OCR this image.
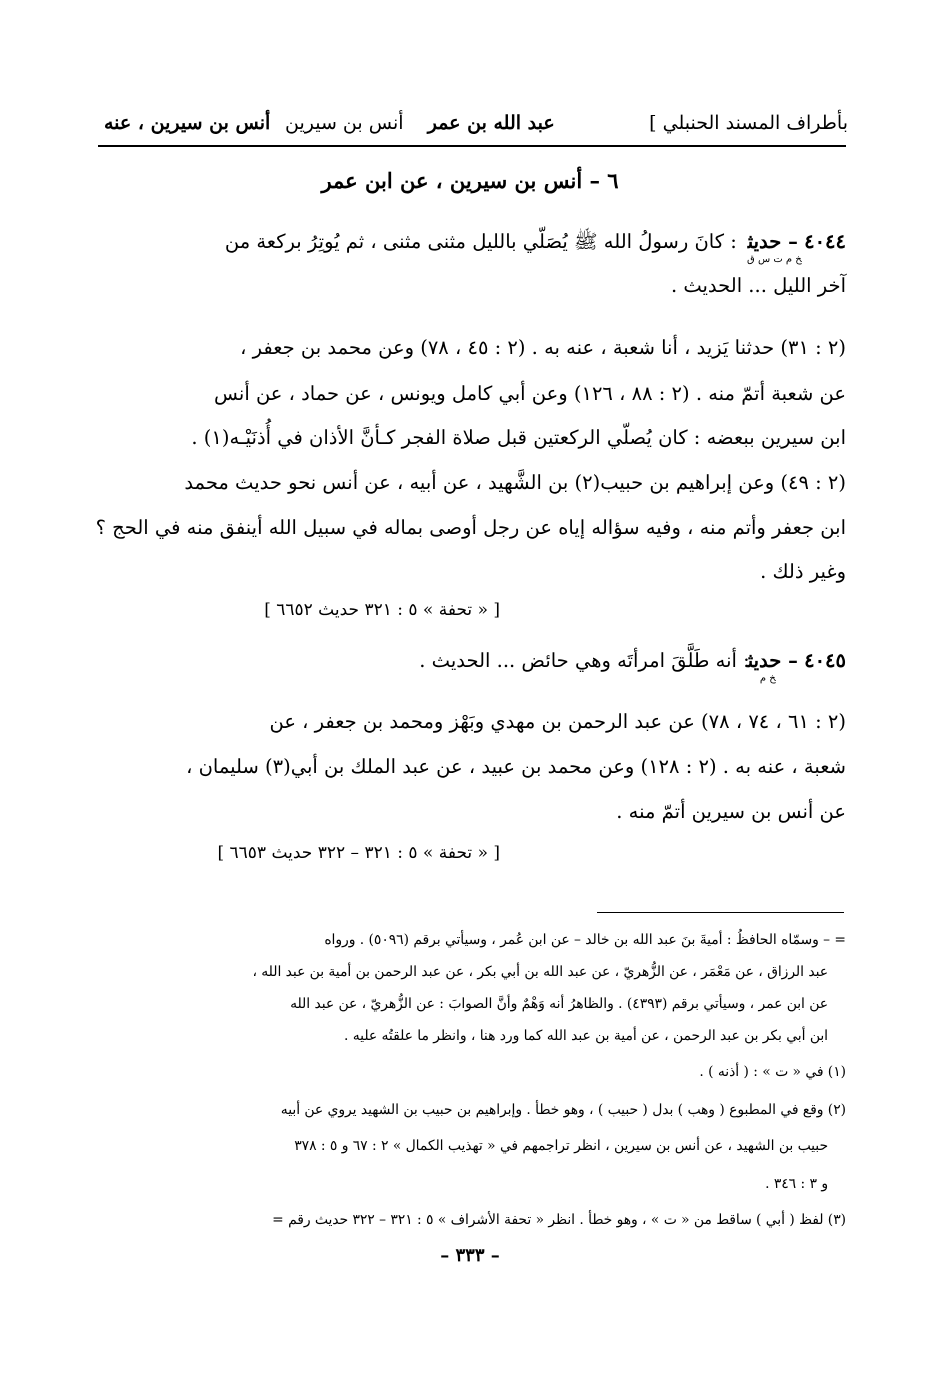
بأطراف المسند الحنبلي ]
عبد الله بن عمر    أنس بن سيرين
أنس بن سيرين ، عنه
٦ – أنس بن سيرين ، عن ابن عمر
٤٠٤٤ – حديث$_{خ م ت س ق}$ : كانَ رسولُ الله ﷺ يُصَلّي بالليل مثنى مثنى ، ثم يُوتِرُ بركعة من
آخر الليل ... الحديث .
(٢ : ٣١) حدثنا يَزيد ، أنا شعبة ، عنه به . (٢ : ٤٥ ، ٧٨) وعن محمد بن جعفر ،
عن شعبة أتمّ منه . (٢ : ٨٨ ، ١٢٦) وعن أبي كامل ويونس ، عن حماد ، عن أنس
ابن سيرين ببعضه : كان يُصلّي الركعتين قبل صلاة الفجر كـأنَّ الأذان في أُذنَيْـه(١) .
(٢ : ٤٩) وعن إبراهيم بن حبيب(٢) بن الشَّهيد ، عن أبيه ، عن أنس نحو حديث محمد
ابن جعفر وأتم منه ، وفيه سؤاله إياه عن رجل أوصى بماله في سبيل الله أينفق منه في الحج ؟
وغير ذلك .
[ « تحفة » ٥ : ٣٢١ حديث ٦٦٥٢ ]
٤٠٤٥ – حديث$_{خ م}$ : أنه طَلَّقَ امرأتَه وهي حائض ... الحديث .
(٢ : ٦١ ، ٧٤ ، ٧٨) عن عبد الرحمن بن مهدي وبَهْز ومحمد بن جعفر ، عن
شعبة ، عنه به . (٢ : ١٢٨) وعن محمد بن عبيد ، عن عبد الملك بن أبي(٣) سليمان ،
عن أنس بن سيرين أتمّ منه .
[ « تحفة » ٥ : ٣٢١ – ٣٢٢ حديث ٦٦٥٣ ]
= – وسمّاه الحافظُ : أميةَ بنَ عبد الله بن خالد – عن ابن عُمر ، وسيأتي برقم (٥٠٩٦) . ورواه
عبد الرزاق ، عن مَعْمَر ، عن الزُّهريّ ، عن عبد الله بن أبي بكر ، عن عبد الرحمن بن أمية بن عبد الله ،
عن ابن عمر ، وسيأتي برقم (٤٣٩٣) . والظاهرُ أنه وَهْمٌ وأنَّ الصوابَ : عن الزُّهريّ ، عن عبد الله
ابن أبي بكر بن عبد الرحمن ، عن أمية بن عبد الله كما ورد هنا ، وانظر ما علقتُه عليه .
(١) في « ت » : ( أذنه ) .
(٢) وقع في المطبوع ( وهب ) بدل ( حبيب ) ، وهو خطأ . وإبراهيم بن حبيب بن الشهيد يروي عن أبيه
حبيب بن الشهيد ، عن أنس بن سيرين ، انظر تراجمهم في « تهذيب الكمال » ٢ : ٦٧ و ٥ : ٣٧٨
و ٣ : ٣٤٦ .
(٣) لفظ ( أبي ) ساقط من « ت » ، وهو خطأ . انظر « تحفة الأشراف » ٥ : ٣٢١ – ٣٢٢ حديث رقم =
– ٣٣٣ –
